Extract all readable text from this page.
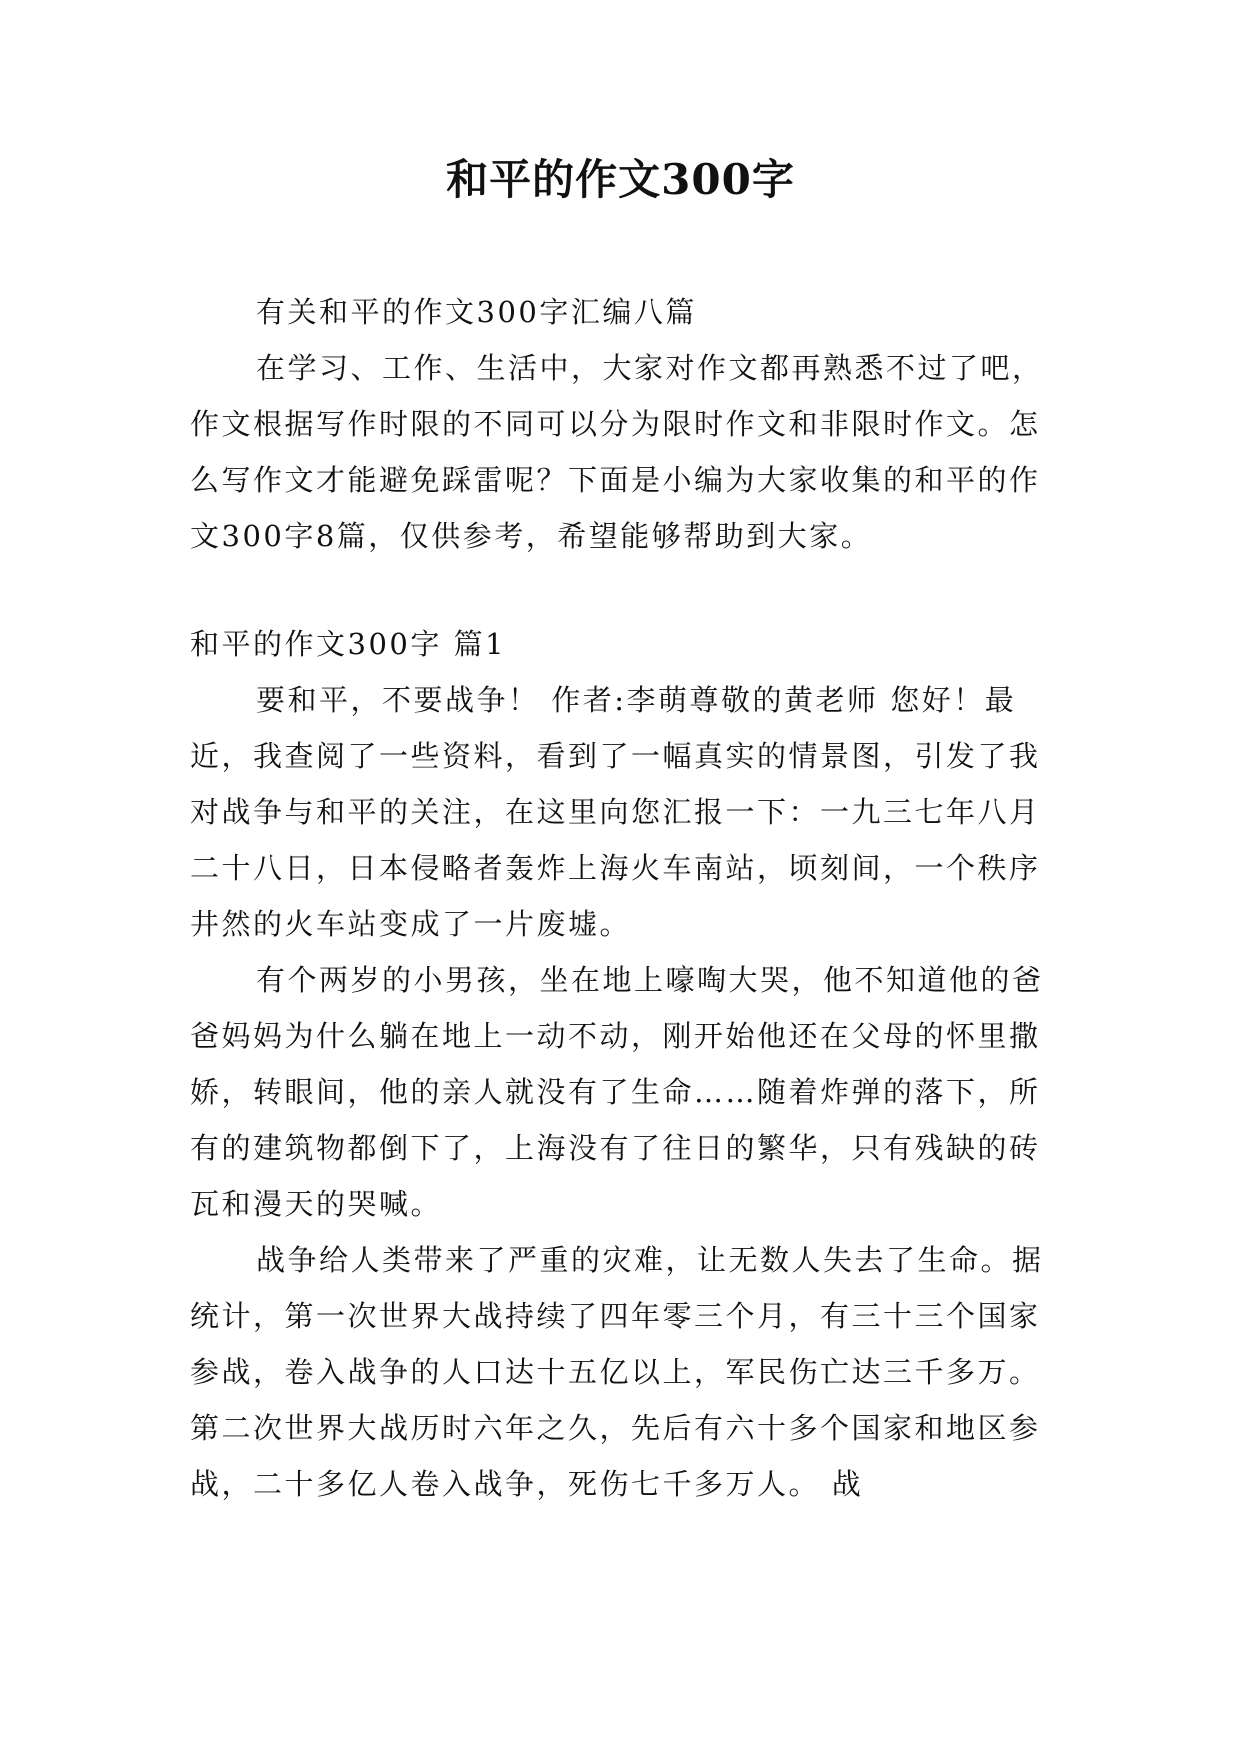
和平的作文300字

有关和平的作文300字汇编八篇

在学习、工作、生活中，大家对作文都再熟悉不过了吧，作文根据写作时限的不同可以分为限时作文和非限时作文。怎么写作文才能避免踩雷呢？下面是小编为大家收集的和平的作文300字8篇，仅供参考，希望能够帮助到大家。

和平的作文300字 篇1

要和平，不要战争！ 作者:李萌尊敬的黄老师 您好！最近，我查阅了一些资料，看到了一幅真实的情景图，引发了我对战争与和平的关注，在这里向您汇报一下：一九三七年八月二十八日，日本侵略者轰炸上海火车南站，顷刻间，一个秩序井然的火车站变成了一片废墟。

有个两岁的小男孩，坐在地上嚎啕大哭，他不知道他的爸爸妈妈为什么躺在地上一动不动，刚开始他还在父母的怀里撒娇，转眼间，他的亲人就没有了生命……随着炸弹的落下，所有的建筑物都倒下了，上海没有了往日的繁华，只有残缺的砖瓦和漫天的哭喊。

战争给人类带来了严重的灾难，让无数人失去了生命。据统计，第一次世界大战持续了四年零三个月，有三十三个国家参战，卷入战争的人口达十五亿以上，军民伤亡达三千多万。第二次世界大战历时六年之久，先后有六十多个国家和地区参战，二十多亿人卷入战争，死伤七千多万人。 战
